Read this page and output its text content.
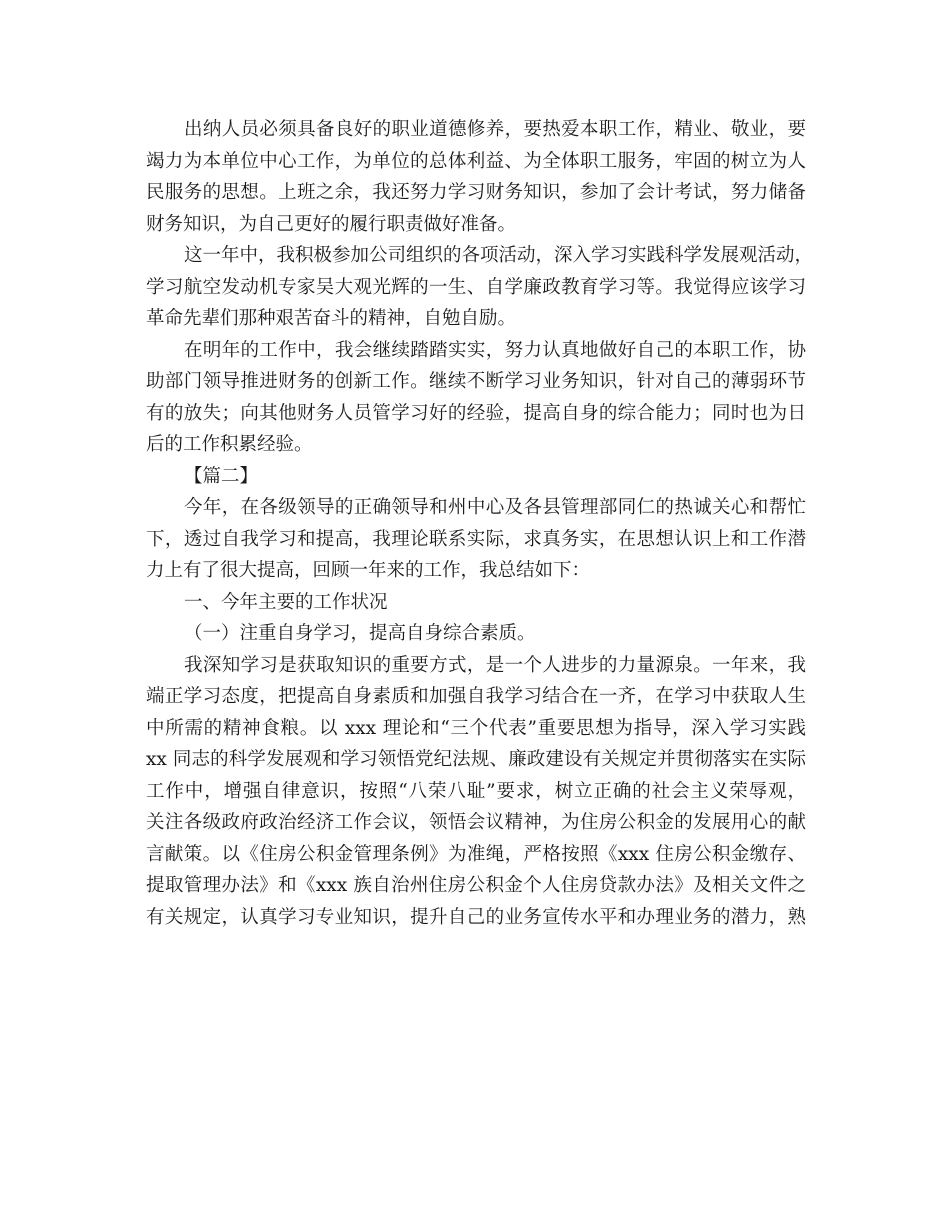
出纳人员必须具备良好的职业道德修养，要热爱本职工作，精业、敬业，要
竭力为本单位中心工作，为单位的总体利益、为全体职工服务，牢固的树立为人
民服务的思想。上班之余，我还努力学习财务知识，参加了会计考试，努力储备
财务知识，为自己更好的履行职责做好准备。
这一年中，我积极参加公司组织的各项活动，深入学习实践科学发展观活动，
学习航空发动机专家吴大观光辉的一生、自学廉政教育学习等。我觉得应该学习
革命先辈们那种艰苦奋斗的精神，自勉自励。
在明年的工作中，我会继续踏踏实实，努力认真地做好自己的本职工作，协
助部门领导推进财务的创新工作。继续不断学习业务知识，针对自己的薄弱环节
有的放失；向其他财务人员管学习好的经验，提高自身的综合能力；同时也为日
后的工作积累经验。
【篇二】
今年，在各级领导的正确领导和州中心及各县管理部同仁的热诚关心和帮忙
下，透过自我学习和提高，我理论联系实际，求真务实，在思想认识上和工作潜
力上有了很大提高，回顾一年来的工作，我总结如下：
一、今年主要的工作状况
（一）注重自身学习，提高自身综合素质。
我深知学习是获取知识的重要方式，是一个人进步的力量源泉。一年来，我
端正学习态度，把提高自身素质和加强自我学习结合在一齐，在学习中获取人生
中所需的精神食粮。以 xxx 理论和“三个代表”重要思想为指导，深入学习实践
xx 同志的科学发展观和学习领悟党纪法规、廉政建设有关规定并贯彻落实在实际
工作中，增强自律意识，按照“八荣八耻”要求，树立正确的社会主义荣辱观，
关注各级政府政治经济工作会议，领悟会议精神，为住房公积金的发展用心的献
言献策。以《住房公积金管理条例》为准绳，严格按照《xxx 住房公积金缴存、
提取管理办法》和《xxx 族自治州住房公积金个人住房贷款办法》及相关文件之
有关规定，认真学习专业知识，提升自己的业务宣传水平和办理业务的潜力，熟
